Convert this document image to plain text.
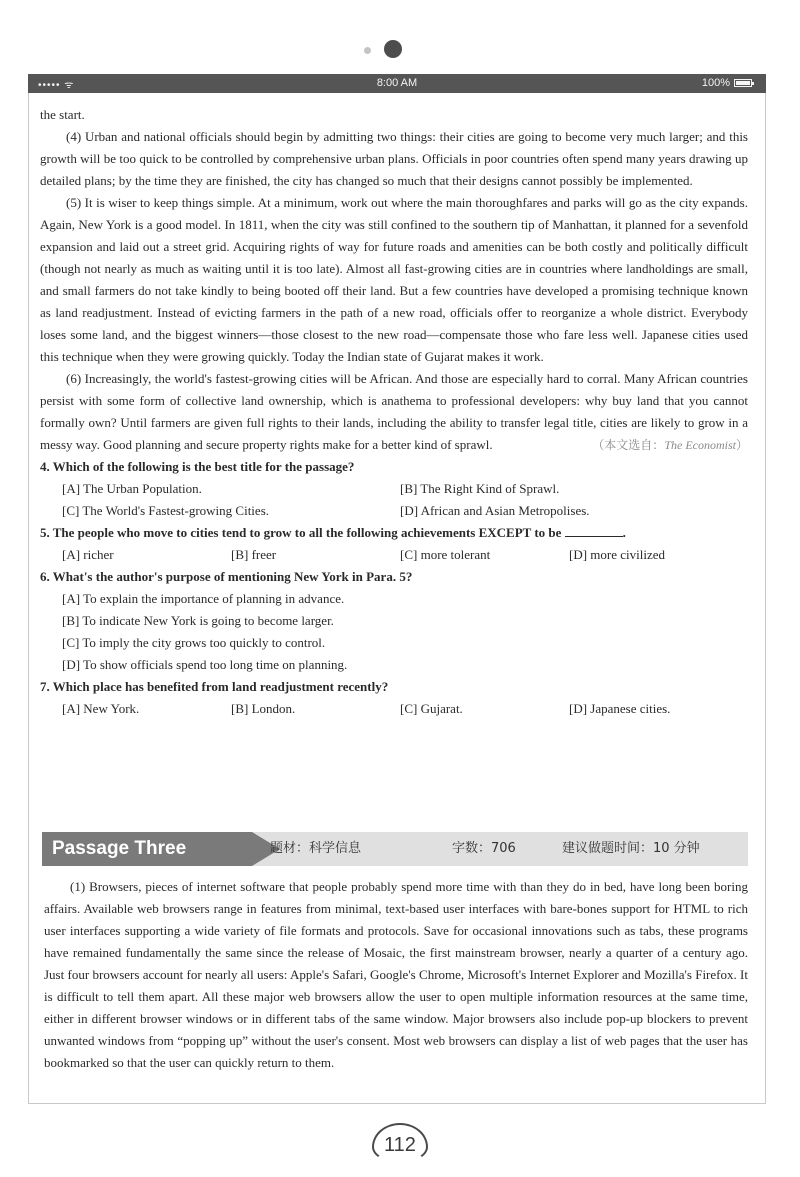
••••• ᯤ	8:00 AM	100%

the start.

(4) Urban and national officials should begin by admitting two things: their cities are going to become very much larger; and this growth will be too quick to be controlled by comprehensive urban plans. Officials in poor countries often spend many years drawing up detailed plans; by the time they are finished, the city has changed so much that their designs cannot possibly be implemented.

(5) It is wiser to keep things simple. At a minimum, work out where the main thoroughfares and parks will go as the city expands. Again, New York is a good model. In 1811, when the city was still confined to the southern tip of Manhattan, it planned for a sevenfold expansion and laid out a street grid. Acquiring rights of way for future roads and amenities can be both costly and politically difficult (though not nearly as much as waiting until it is too late). Almost all fast-growing cities are in countries where landholdings are small, and small farmers do not take kindly to being booted off their land. But a few countries have developed a promising technique known as land readjustment. Instead of evicting farmers in the path of a new road, officials offer to reorganize a whole district. Everybody loses some land, and the biggest winners—those closest to the new road—compensate those who fare less well. Japanese cities used this technique when they were growing quickly. Today the Indian state of Gujarat makes it work.

(6) Increasingly, the world's fastest-growing cities will be African. And those are especially hard to corral. Many African countries persist with some form of collective land ownership, which is anathema to professional developers: why buy land that you cannot formally own? Until farmers are given full rights to their lands, including the ability to transfer legal title, cities are likely to grow in a messy way. Good planning and secure property rights make for a better kind of sprawl.	（本文选自：The Economist）

4. Which of the following is the best title for the passage?

[A] The Urban Population.	[B] The Right Kind of Sprawl.
[C] The World's Fastest-growing Cities.	[D] African and Asian Metropolises.

5. The people who move to cities tend to grow to all the following achievements EXCEPT to be	.

[A] richer	[B] freer	[C] more tolerant	[D] more civilized

6. What's the author's purpose of mentioning New York in Para. 5?

[A] To explain the importance of planning in advance.

[B] To indicate New York is going to become larger.

[C] To imply the city grows too quickly to control.

[D] To show officials spend too long time on planning.

7. Which place has benefited from land readjustment recently?

[A] New York.	[B] London.	[C] Gujarat.	[D] Japanese cities.
Passage Three	题材：科学信息	字数：706	建议做题时间：10 分钟

(1) Browsers, pieces of internet software that people probably spend more time with than they do in bed, have long been boring affairs. Available web browsers range in features from minimal, text-based user interfaces with bare-bones support for HTML to rich user interfaces supporting a wide variety of file formats and protocols. Save for occasional innovations such as tabs, these programs have remained fundamentally the same since the release of Mosaic, the first mainstream browser, nearly a quarter of a century ago. Just four browsers account for nearly all users: Apple's Safari, Google's Chrome, Microsoft's Internet Explorer and Mozilla's Firefox. It is difficult to tell them apart. All these major web browsers allow the user to open multiple information resources at the same time, either in different browser windows or in different tabs of the same window. Major browsers also include pop-up blockers to prevent unwanted windows from “popping up” without the user's consent. Most web browsers can display a list of web pages that the user has bookmarked so that the user can quickly return to them.

112
